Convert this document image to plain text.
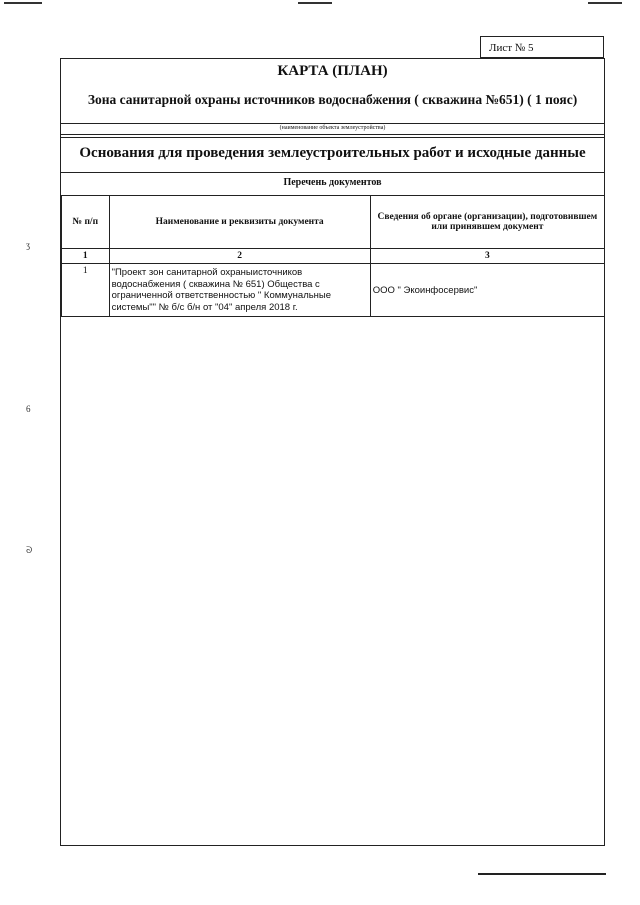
Лист № 5
КАРТА (ПЛАН)
Зона санитарной охраны источников водоснабжения ( скважина №651) ( 1 пояс)
(наименование объекта землеустройства)
Основания для проведения землеустроительных работ и исходные данные
Перечень документов
№ п/п	Наименование и реквизиты документа	Сведения об органе (организации), подготовившем или принявшем документ
1	2	3
1	"Проект зон санитарной охраныисточников водоснабжения ( скважина № 651) Общества с ограниченной ответственностью " Коммунальные системы"" № б/с б/н от "04" апреля 2018 г.	ООО " Экоинфосервис"
ʒ
6
ᘐ
